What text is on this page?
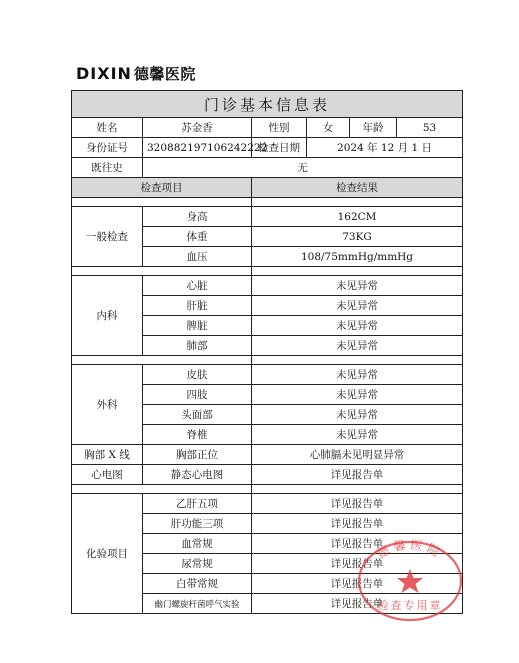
DIXIN 德馨医院
门诊基本信息表					
姓名	苏金香	性别	女	年龄	53
身份证号	320882197106242222	检查日期	2024 年 12 月 1 日		
既往史	无				
检查项目		检查结果			

一般检查	身高	162CM			
	体重	73KG			
	血压	108/75mmHg/mmHg			

内科	心脏	未见异常			
	肝脏	未见异常			
	脾脏	未见异常			
	肺部	未见异常			

外科	皮肤	未见异常			
	四肢	未见异常			
	头面部	未见异常			
	脊椎	未见异常			
胸部 X 线	胸部正位	心肺膈未见明显异常			
心电图	静态心电图	详见报告单			

化验项目	乙肝五项	详见报告单			
	肝功能三项	详见报告单			
	血常规	详见报告单			
	尿常规	详见报告单			
	白带常规	详见报告单			
	幽门螺旋杆菌呼气实验	详见报告单			
德馨医院
检查专用章
